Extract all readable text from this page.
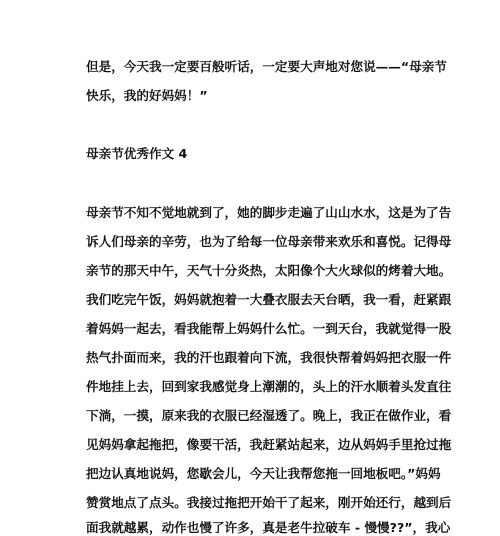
但是，今天我一定要百般听话，一定要大声地对您说——“母亲节
快乐，我的好妈妈！”
母亲节优秀作文 4
母亲节不知不觉地就到了，她的脚步走遍了山山水水，这是为了告
诉人们母亲的辛劳，也为了给每一位母亲带来欢乐和喜悦。记得母
亲节的那天中午，天气十分炎热，太阳像个大火球似的烤着大地。
我们吃完午饭，妈妈就抱着一大叠衣服去天台晒，我一看，赶紧跟
着妈妈一起去，看我能帮上妈妈什么忙。一到天台，我就觉得一股
热气扑面而来，我的汗也跟着向下流，我很快帮着妈妈把衣服一件
件地挂上去，回到家我感觉身上潮潮的，头上的汗水顺着头发直往
下淌，一摸，原来我的衣服已经湿透了。晚上，我正在做作业，看
见妈妈拿起拖把，像要干活，我赶紧站起来，边从妈妈手里抢过拖
把边认真地说妈，您歇会儿，今天让我帮您拖一回地板吧。”妈妈
赞赏地点了点头。我接过拖把开始干了起来，刚开始还行，越到后
面我就越累，动作也慢了许多，真是老牛拉破车 - 慢慢??”，我心
